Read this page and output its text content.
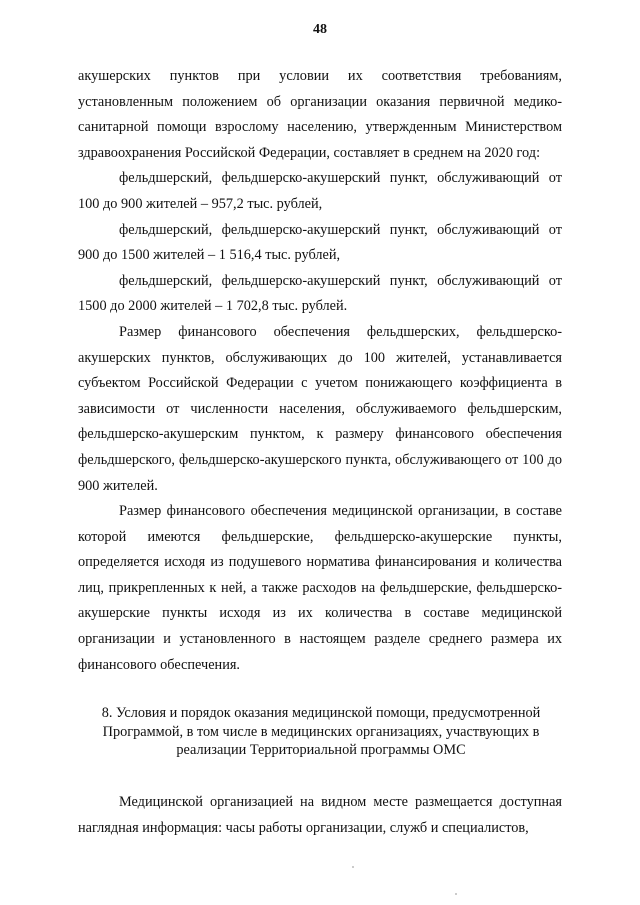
48

акушерских пунктов при условии их соответствия требованиям, установленным положением об организации оказания первичной медико-санитарной помощи взрослому населению, утвержденным Министерством здравоохранения Российской Федерации, составляет в среднем на 2020 год:

фельдшерский, фельдшерско-акушерский пункт, обслуживающий от 100 до 900 жителей – 957,2 тыс. рублей,

фельдшерский, фельдшерско-акушерский пункт, обслуживающий от 900 до 1500 жителей – 1 516,4 тыс. рублей,

фельдшерский, фельдшерско-акушерский пункт, обслуживающий от 1500 до 2000 жителей – 1 702,8 тыс. рублей.

Размер финансового обеспечения фельдшерских, фельдшерско-акушерских пунктов, обслуживающих до 100 жителей, устанавливается субъектом Российской Федерации с учетом понижающего коэффициента в зависимости от численности населения, обслуживаемого фельдшерским, фельдшерско-акушерским пунктом, к размеру финансового обеспечения фельдшерского, фельдшерско-акушерского пункта, обслуживающего от 100 до 900 жителей.

Размер финансового обеспечения медицинской организации, в составе которой имеются фельдшерские, фельдшерско-акушерские пункты, определяется исходя из подушевого норматива финансирования и количества лиц, прикрепленных к ней, а также расходов на фельдшерские, фельдшерско-акушерские пункты исходя из их количества в составе медицинской организации и установленного в настоящем разделе среднего размера их финансового обеспечения.

8. Условия и порядок оказания медицинской помощи, предусмотренной Программой, в том числе в медицинских организациях, участвующих в реализации Территориальной программы ОМС

Медицинской организацией на видном месте размещается доступная наглядная информация: часы работы организации, служб и специалистов,
